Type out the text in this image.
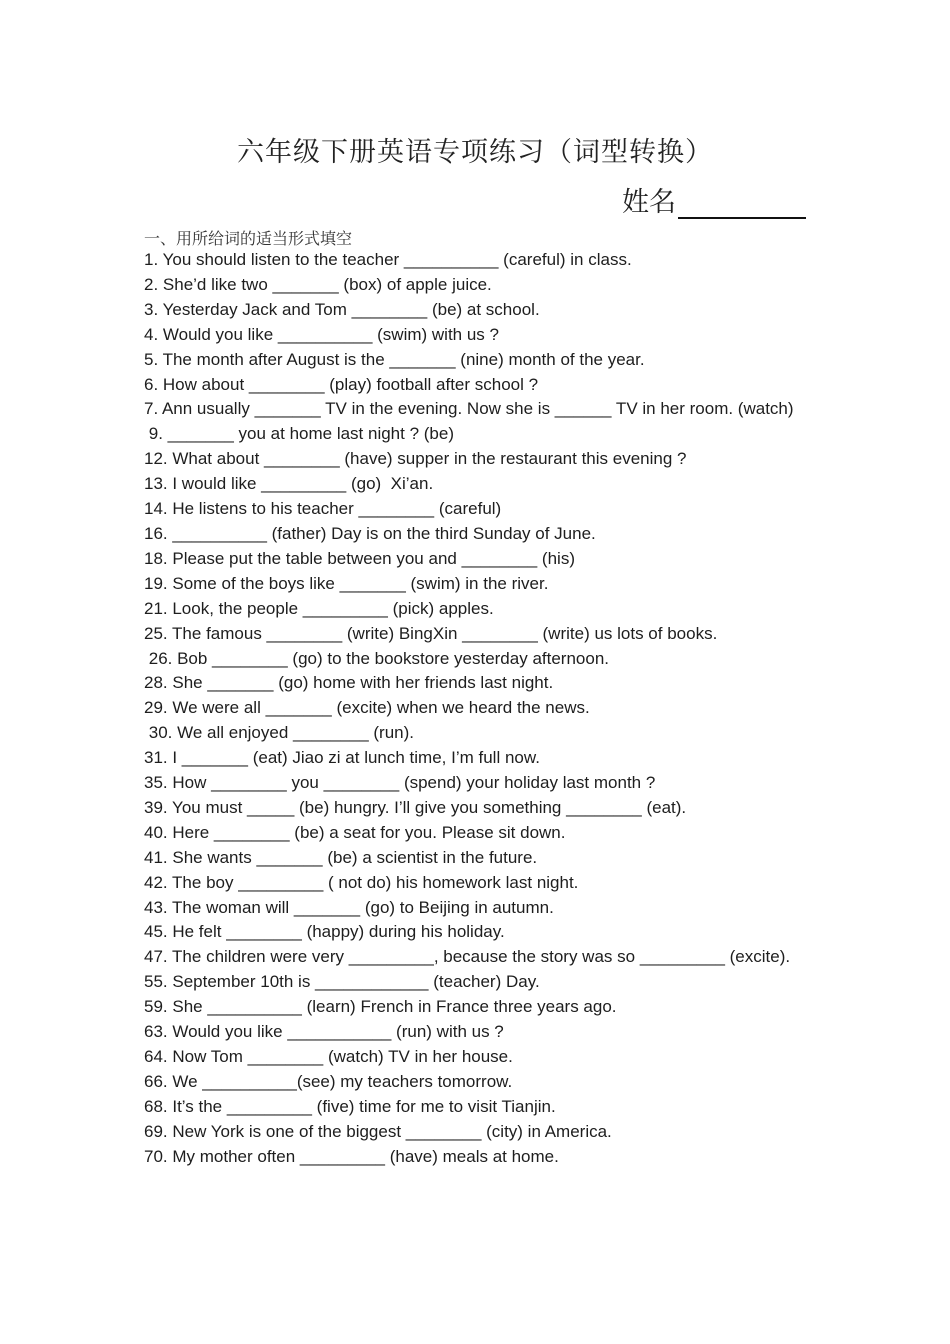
六年级下册英语专项练习（词型转换）
姓名
一、用所给词的适当形式填空
1. You should listen to the teacher __________ (careful) in class.
2. She’d like two _______ (box) of apple juice.
3. Yesterday Jack and Tom ________ (be) at school.
4. Would you like __________ (swim) with us ?
5. The month after August is the _______ (nine) month of the year.
6. How about ________ (play) football after school ?
7. Ann usually _______ TV in the evening. Now she is ______ TV in her room. (watch)
9. _______ you at home last night ? (be)
12. What about ________ (have) supper in the restaurant this evening ?
13. I would like _________ (go)  Xi’an.
14. He listens to his teacher ________ (careful)
16. __________ (father) Day is on the third Sunday of June.
18. Please put the table between you and ________ (his)
19. Some of the boys like _______ (swim) in the river.
21. Look, the people _________ (pick) apples.
25. The famous ________ (write) BingXin ________ (write) us lots of books.
26. Bob ________ (go) to the bookstore yesterday afternoon.
28. She _______ (go) home with her friends last night.
29. We were all _______ (excite) when we heard the news.
30. We all enjoyed ________ (run).
31. I _______ (eat) Jiao zi at lunch time, I’m full now.
35. How ________ you ________ (spend) your holiday last month ?
39. You must _____ (be) hungry. I’ll give you something ________ (eat).
40. Here ________ (be) a seat for you. Please sit down.
41. She wants _______ (be) a scientist in the future.
42. The boy _________ ( not do) his homework last night.
43. The woman will _______ (go) to Beijing in autumn.
45. He felt ________ (happy) during his holiday.
47. The children were very _________, because the story was so _________ (excite).
55. September 10th is ____________ (teacher) Day.
59. She __________ (learn) French in France three years ago.
63. Would you like ___________ (run) with us ?
64. Now Tom ________ (watch) TV in her house.
66. We __________(see) my teachers tomorrow.
68. It’s the _________ (five) time for me to visit Tianjin.
69. New York is one of the biggest ________ (city) in America.
70. My mother often _________ (have) meals at home.
